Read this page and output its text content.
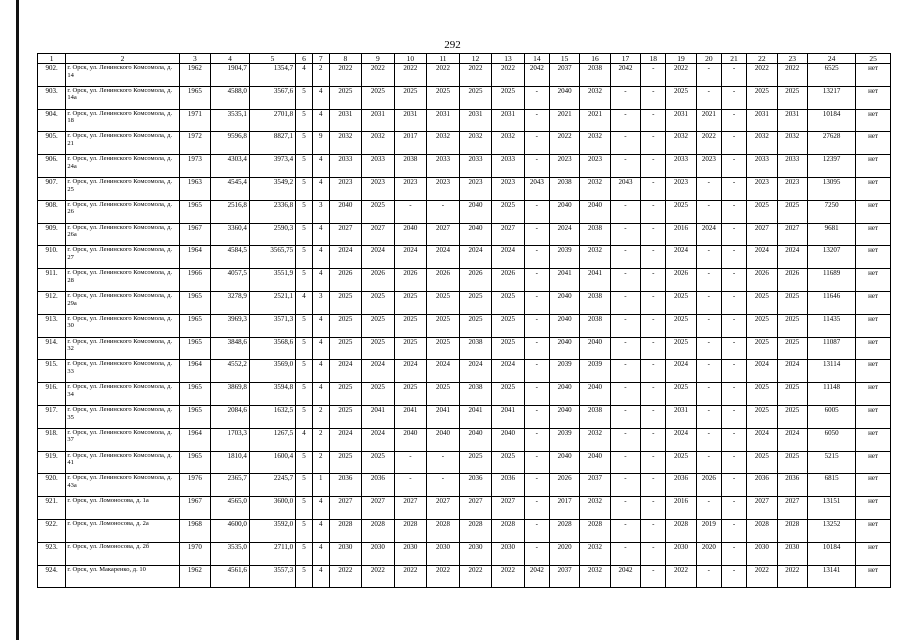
292
1	2	3	4	5	6	7	8	9	10	11	12	13	14	15	16	17	18	19	20	21	22	23	24	25
902.	г. Орск, ул. Ленинского Комсомола, д. 14	1962	1904,7	1354,7	4	2	2022	2022	2022	2022	2022	2022	2042	2037	2038	2042	-	2022	-	-	2022	2022	6525	нет
903.	г. Орск, ул. Ленинского Комсомола, д. 14а	1965	4588,0	3567,6	5	4	2025	2025	2025	2025	2025	2025	-	2040	2032	-	-	2025	-	-	2025	2025	13217	нет
904.	г. Орск, ул. Ленинского Комсомола, д. 18	1971	3535,1	2701,8	5	4	2031	2031	2031	2031	2031	2031	-	2021	2021	-	-	2031	2021	-	2031	2031	10184	нет
905.	г. Орск, ул. Ленинского Комсомола, д. 21	1972	9596,8	8827,1	5	9	2032	2032	2017	2032	2032	2032	-	2022	2032	-	-	2032	2022	-	2032	2032	27628	нет
906.	г. Орск, ул. Ленинского Комсомола, д. 24а	1973	4303,4	3973,4	5	4	2033	2033	2038	2033	2033	2033	-	2023	2023	-	-	2033	2023	-	2033	2033	12397	нет
907.	г. Орск, ул. Ленинского Комсомола, д. 25	1963	4545,4	3549,2	5	4	2023	2023	2023	2023	2023	2023	2043	2038	2032	2043	-	2023	-	-	2023	2023	13095	нет
908.	г. Орск, ул. Ленинского Комсомола, д. 26	1965	2516,8	2336,8	5	3	2040	2025	-	-	2040	2025	-	2040	2040	-	-	2025	-	-	2025	2025	7250	нет
909.	г. Орск, ул. Ленинского Комсомола, д. 26а	1967	3360,4	2590,3	5	4	2027	2027	2040	2027	2040	2027	-	2024	2038	-	-	2016	2024	-	2027	2027	9681	нет
910.	г. Орск, ул. Ленинского Комсомола, д. 27	1964	4584,5	3565,75	5	4	2024	2024	2024	2024	2024	2024	-	2039	2032	-	-	2024	-	-	2024	2024	13207	нет
911.	г. Орск, ул. Ленинского Комсомола, д. 28	1966	4057,5	3551,9	5	4	2026	2026	2026	2026	2026	2026	-	2041	2041	-	-	2026	-	-	2026	2026	11689	нет
912.	г. Орск, ул. Ленинского Комсомола, д. 29а	1965	3278,9	2521,1	4	3	2025	2025	2025	2025	2025	2025	-	2040	2038	-	-	2025	-	-	2025	2025	11646	нет
913.	г. Орск, ул. Ленинского Комсомола, д. 30	1965	3969,3	3571,3	5	4	2025	2025	2025	2025	2025	2025	-	2040	2038	-	-	2025	-	-	2025	2025	11435	нет
914.	г. Орск, ул. Ленинского Комсомола, д. 32	1965	3848,6	3568,6	5	4	2025	2025	2025	2025	2038	2025	-	2040	2040	-	-	2025	-	-	2025	2025	11087	нет
915.	г. Орск, ул. Ленинского Комсомола, д. 33	1964	4552,2	3569,0	5	4	2024	2024	2024	2024	2024	2024	-	2039	2039	-	-	2024	-	-	2024	2024	13114	нет
916.	г. Орск, ул. Ленинского Комсомола, д. 34	1965	3869,8	3594,8	5	4	2025	2025	2025	2025	2038	2025	-	2040	2040	-	-	2025	-	-	2025	2025	11148	нет
917.	г. Орск, ул. Ленинского Комсомола, д. 35	1965	2084,6	1632,5	5	2	2025	2041	2041	2041	2041	2041	-	2040	2038	-	-	2031	-	-	2025	2025	6005	нет
918.	г. Орск, ул. Ленинского Комсомола, д. 37	1964	1703,3	1267,5	4	2	2024	2024	2040	2040	2040	2040	-	2039	2032	-	-	2024	-	-	2024	2024	6050	нет
919.	г. Орск, ул. Ленинского Комсомола, д. 41	1965	1810,4	1600,4	5	2	2025	2025	-	-	2025	2025	-	2040	2040	-	-	2025	-	-	2025	2025	5215	нет
920.	г. Орск, ул. Ленинского Комсомола, д. 43а	1976	2365,7	2245,7	5	1	2036	2036	-	-	2036	2036	-	2026	2037	-	-	2036	2026	-	2036	2036	6815	нет
921.	г. Орск, ул. Ломоносова, д. 1а	1967	4565,0	3600,0	5	4	2027	2027	2027	2027	2027	2027	-	2017	2032	-	-	2016	-	-	2027	2027	13151	нет
922.	г. Орск, ул. Ломоносова, д. 2а	1968	4600,0	3592,0	5	4	2028	2028	2028	2028	2028	2028	-	2028	2028	-	-	2028	2019	-	2028	2028	13252	нет
923.	г. Орск, ул. Ломоносова, д. 2б	1970	3535,0	2711,0	5	4	2030	2030	2030	2030	2030	2030	-	2020	2032	-	-	2030	2020	-	2030	2030	10184	нет
924.	г. Орск, ул. Макаренко, д. 10	1962	4561,6	3557,3	5	4	2022	2022	2022	2022	2022	2022	2042	2037	2032	2042	-	2022	-	-	2022	2022	13141	нет
